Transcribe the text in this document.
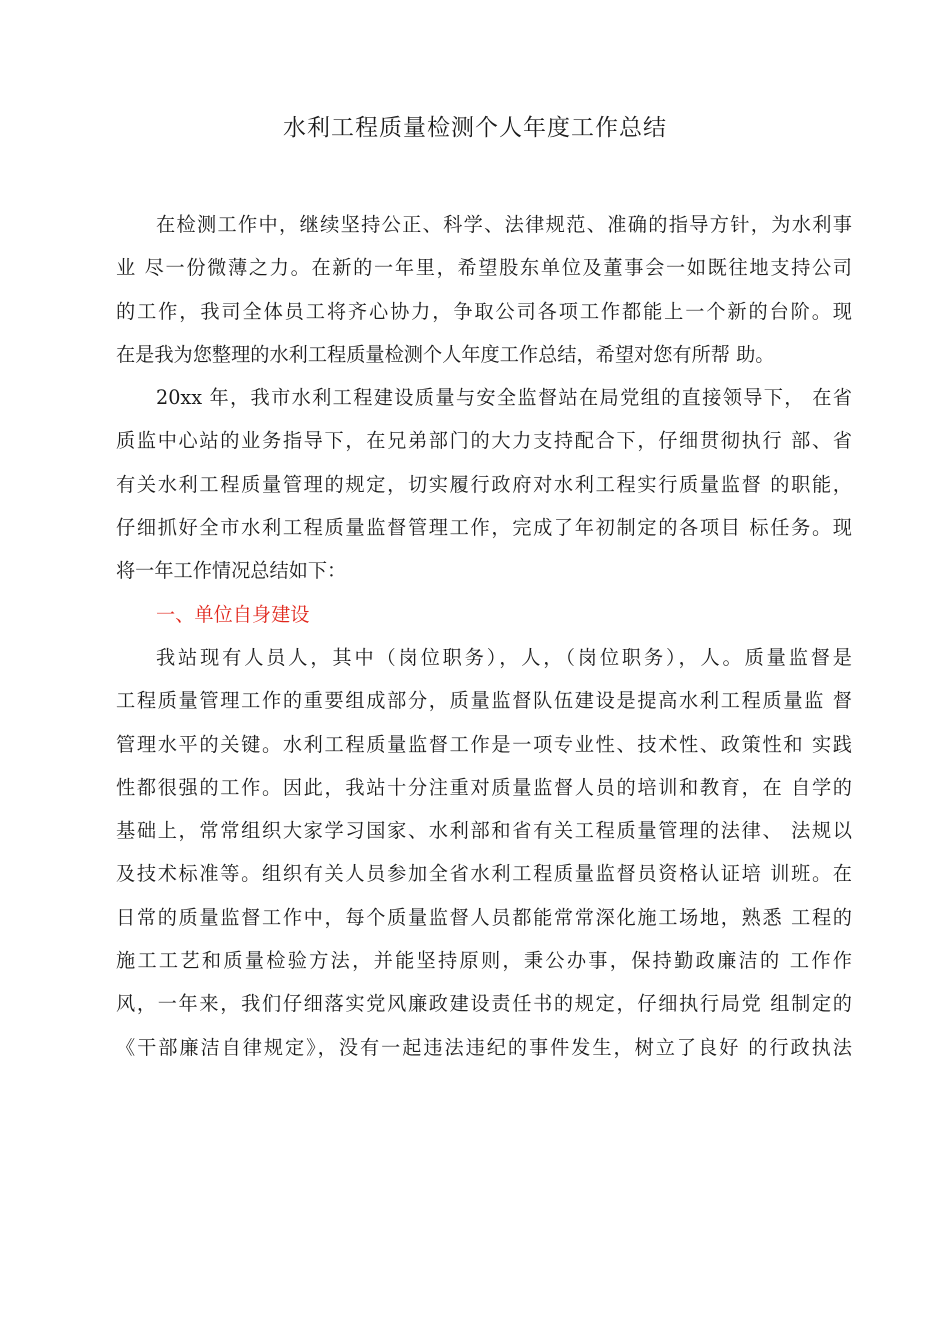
水利工程质量检测个人年度工作总结
在检测工作中，继续坚持公正、科学、法律规范、准确的指导方针，为水利事
业 尽一份微薄之力。在新的一年里，希望股东单位及董事会一如既往地支持公司
的工作，我司全体员工将齐心协力，争取公司各项工作都能上一个新的台阶。现
在是我为您整理的水利工程质量检测个人年度工作总结，希望对您有所帮 助。
20xx 年，我市水利工程建设质量与安全监督站在局党组的直接领导下， 在省
质监中心站的业务指导下，在兄弟部门的大力支持配合下，仔细贯彻执行 部、省
有关水利工程质量管理的规定，切实履行政府对水利工程实行质量监督 的职能，
仔细抓好全市水利工程质量监督管理工作，完成了年初制定的各项目 标任务。现
将一年工作情况总结如下：
一、单位自身建设
我站现有人员人，其中（岗位职务），人，（岗位职务），人。质量监督是
工程质量管理工作的重要组成部分，质量监督队伍建设是提高水利工程质量监 督
管理水平的关键。水利工程质量监督工作是一项专业性、技术性、政策性和 实践
性都很强的工作。因此，我站十分注重对质量监督人员的培训和教育，在 自学的
基础上，常常组织大家学习国家、水利部和省有关工程质量管理的法律、 法规以
及技术标准等。组织有关人员参加全省水利工程质量监督员资格认证培 训班。在
日常的质量监督工作中，每个质量监督人员都能常常深化施工场地，熟悉 工程的
施工工艺和质量检验方法，并能坚持原则，秉公办事，保持勤政廉洁的 工作作
风，一年来，我们仔细落实党风廉政建设责任书的规定，仔细执行局党 组制定的
《干部廉洁自律规定》，没有一起违法违纪的事件发生，树立了良好 的行政执法
